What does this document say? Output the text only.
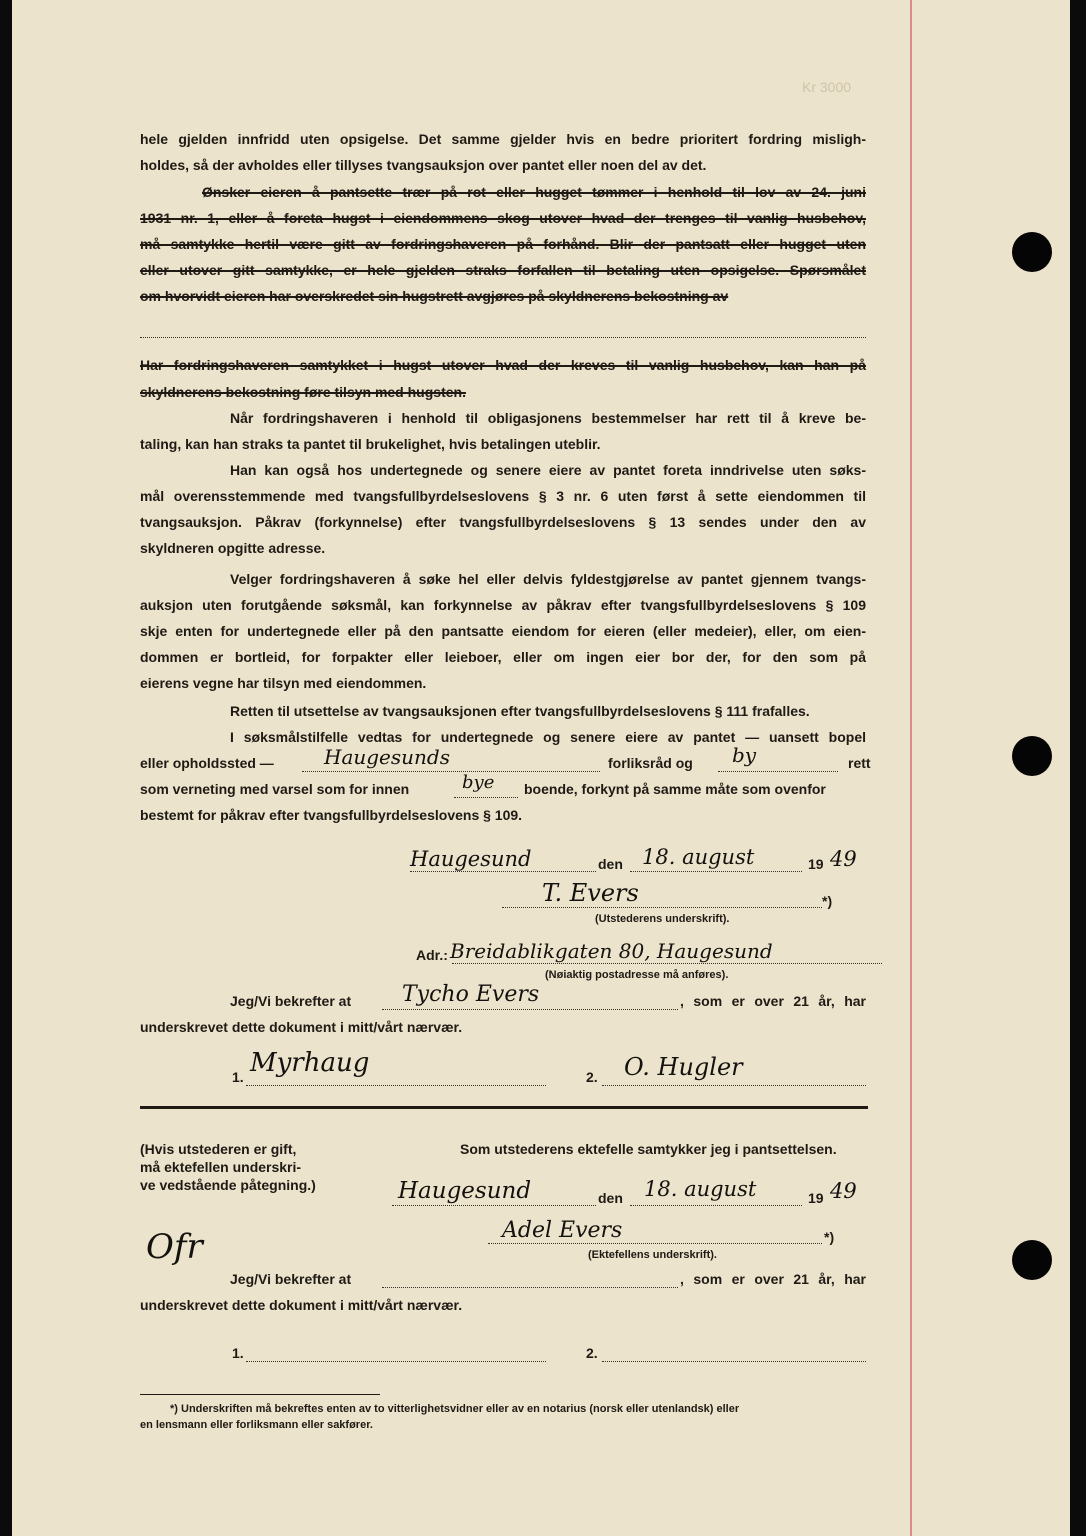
Kr 3000
hele gjelden innfridd uten opsigelse. Det samme gjelder hvis en bedre prioritert fordring misligh-
holdes, så der avholdes eller tillyses tvangsauksjon over pantet eller noen del av det.
Ønsker eieren å pantsette trær på rot eller hugget tømmer i henhold til lov av 24. juni
1931 nr. 1, eller å foreta hugst i eiendommens skog utover hvad der trenges til vanlig husbehov,
må samtykke hertil være gitt av fordringshaveren på forhånd. Blir der pantsatt eller hugget uten
eller utover gitt samtykke, er hele gjelden straks forfallen til betaling uten opsigelse. Spørsmålet
om hvorvidt eieren har overskredet sin hugstrett avgjøres på skyldnerens bekostning av
Har fordringshaveren samtykket i hugst utover hvad der kreves til vanlig husbehov, kan han på
skyldnerens bekostning føre tilsyn med hugsten.
Når fordringshaveren i henhold til obligasjonens bestemmelser har rett til å kreve be-
taling, kan han straks ta pantet til brukelighet, hvis betalingen uteblir.
Han kan også hos undertegnede og senere eiere av pantet foreta inndrivelse uten søks-
mål overensstemmende med tvangsfullbyrdelseslovens § 3 nr. 6 uten først å sette eiendommen til
tvangsauksjon. Påkrav (forkynnelse) efter tvangsfullbyrdelseslovens § 13 sendes under den av
skyldneren opgitte adresse.
Velger fordringshaveren å søke hel eller delvis fyldestgjørelse av pantet gjennem tvangs-
auksjon uten forutgående søksmål, kan forkynnelse av påkrav efter tvangsfullbyrdelseslovens § 109
skje enten for undertegnede eller på den pantsatte eiendom for eieren (eller medeier), eller, om eien-
dommen er bortleid, for forpakter eller leieboer, eller om ingen eier bor der, for den som på
eierens vegne har tilsyn med eiendommen.
Retten til utsettelse av tvangsauksjonen efter tvangsfullbyrdelseslovens § 111 frafalles.
I søksmålstilfelle vedtas for undertegnede og senere eiere av pantet — uansett bopel
eller opholdssted —	Haugesunds	forliksråd og by	rett
som verneting med varsel som for innen	bye boende, forkynt på samme måte som ovenfor
bestemt for påkrav efter tvangsfullbyrdelseslovens § 109.
Haugesund	den 18. august	19 49
T. Evers	*)
(Utstederens underskrift).
Adr.: Breidablikgaten 80, Haugesund
(Nøiaktig postadresse må anføres).
Jeg/Vi bekrefter at Tycho Evers	, som er over 21 år, har
underskrevet dette dokument i mitt/vårt nærvær.
1. Myrhaug	2. O. Hugler
(Hvis utstederen er gift,
må ektefellen underskri-
ve vedstående påtegning.)
Som utstederens ektefelle samtykker jeg i pantsettelsen.
Haugesund	den 18. august	19 49
Adel Evers	*)
(Ektefellens underskrift).
Ofr
Jeg/Vi bekrefter at	, som er over 21 år, har
underskrevet dette dokument i mitt/vårt nærvær.
1.	2.
*) Underskriften må bekreftes enten av to vitterlighetsvidner eller av en notarius (norsk eller utenlandsk) eller
en lensmann eller forliksmann eller sakfører.
